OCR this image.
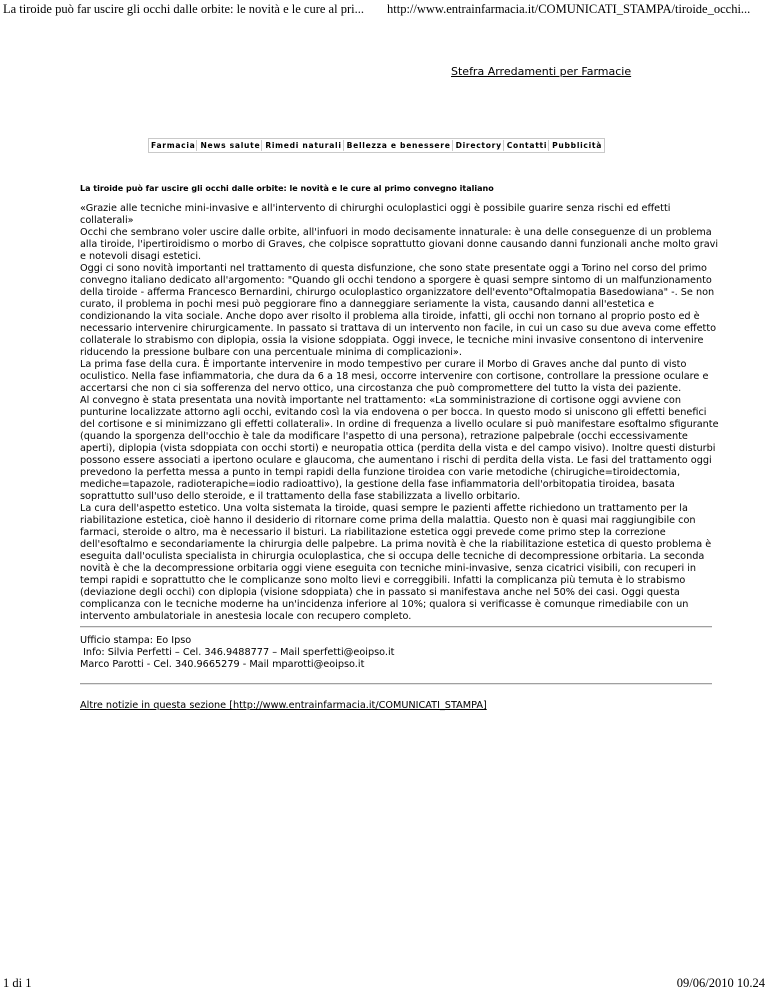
La tiroide può far uscire gli occhi dalle orbite: le novità e le cure al pri... http://www.entrainfarmacia.it/COMUNICATI_STAMPA/tiroide_occhi...
Stefra Arredamenti per Farmacie
Farmacia News salute Rimedi naturali Bellezza e benessere Directory Contatti Pubblicità
La tiroide può far uscire gli occhi dalle orbite: le novità e le cure al primo convegno italiano
«Grazie alle tecniche mini-invasive e all'intervento di chirurghi oculoplastici oggi è possibile guarire senza rischi ed effetti collaterali»
Occhi che sembrano voler uscire dalle orbite, all'infuori in modo decisamente innaturale: è una delle conseguenze di un problema alla tiroide, l'ipertiroidismo o morbo di Graves, che colpisce soprattutto giovani donne causando danni funzionali anche molto gravi e notevoli disagi estetici.
Oggi ci sono novità importanti nel trattamento di questa disfunzione, che sono state presentate oggi a Torino nel corso del primo convegno italiano dedicato all'argomento: "Quando gli occhi tendono a sporgere è quasi sempre sintomo di un malfunzionamento della tiroide - afferma Francesco Bernardini, chirurgo oculoplastico organizzatore dell'evento"Oftalmopatia Basedowiana" -. Se non curato, il problema in pochi mesi può peggiorare fino a danneggiare seriamente la vista, causando danni all'estetica e condizionando la vita sociale. Anche dopo aver risolto il problema alla tiroide, infatti, gli occhi non tornano al proprio posto ed è necessario intervenire chirurgicamente. In passato si trattava di un intervento non facile, in cui un caso su due aveva come effetto collaterale lo strabismo con diplopia, ossia la visione sdoppiata. Oggi invece, le tecniche mini invasive consentono di intervenire riducendo la pressione bulbare con una percentuale minima di complicazioni».
La prima fase della cura. È importante intervenire in modo tempestivo per curare il Morbo di Graves anche dal punto di visto oculistico. Nella fase infiammatoria, che dura da 6 a 18 mesi, occorre intervenire con cortisone, controllare la pressione oculare e accertarsi che non ci sia sofferenza del nervo ottico, una circostanza che può compromettere del tutto la vista dei paziente.
Al convegno è stata presentata una novità importante nel trattamento: «La somministrazione di cortisone oggi avviene con punturine localizzate attorno agli occhi, evitando così la via endovena o per bocca. In questo modo si uniscono gli effetti benefici del cortisone e si minimizzano gli effetti collaterali». In ordine di frequenza a livello oculare si può manifestare esoftalmo sfigurante (quando la sporgenza dell'occhio è tale da modificare l'aspetto di una persona), retrazione palpebrale (occhi eccessivamente aperti), diplopia (vista sdoppiata con occhi storti) e neuropatia ottica (perdita della vista e del campo visivo). Inoltre questi disturbi possono essere associati a ipertono oculare e glaucoma, che aumentano i rischi di perdita della vista. Le fasi del trattamento oggi prevedono la perfetta messa a punto in tempi rapidi della funzione tiroidea con varie metodiche (chirugiche=tiroidectomia, mediche=tapazole, radioterapiche=iodio radioattivo), la gestione della fase infiammatoria dell'orbitopatia tiroidea, basata soprattutto sull'uso dello steroide, e il trattamento della fase stabilizzata a livello orbitario.
La cura dell'aspetto estetico. Una volta sistemata la tiroide, quasi sempre le pazienti affette richiedono un trattamento per la riabilitazione estetica, cioè hanno il desiderio di ritornare come prima della malattia. Questo non è quasi mai raggiungibile con farmaci, steroide o altro, ma è necessario il bisturi. La riabilitazione estetica oggi prevede come primo step la correzione dell'esoftalmo e secondariamente la chirurgia delle palpebre. La prima novità è che la riabilitazione estetica di questo problema è eseguita dall'oculista specialista in chirurgia oculoplastica, che si occupa delle tecniche di decompressione orbitaria. La seconda novità è che la decompressione orbitaria oggi viene eseguita con tecniche mini-invasive, senza cicatrici visibili, con recuperi in tempi rapidi e soprattutto che le complicanze sono molto lievi e correggibili. Infatti la complicanza più temuta è lo strabismo (deviazione degli occhi) con diplopia (visione sdoppiata) che in passato si manifestava anche nel 50% dei casi. Oggi questa complicanza con le tecniche moderne ha un'incidenza inferiore al 10%; qualora si verificasse è comunque rimediabile con un intervento ambulatoriale in anestesia locale con recupero completo.
Ufficio stampa: Eo Ipso
Info: Silvia Perfetti – Cel. 346.9488777 – Mail sperfetti@eoipso.it
Marco Parotti - Cel. 340.9665279 - Mail mparotti@eoipso.it
Altre notizie in questa sezione [http://www.entrainfarmacia.it/COMUNICATI_STAMPA]
1 di 1	09/06/2010 10.24
